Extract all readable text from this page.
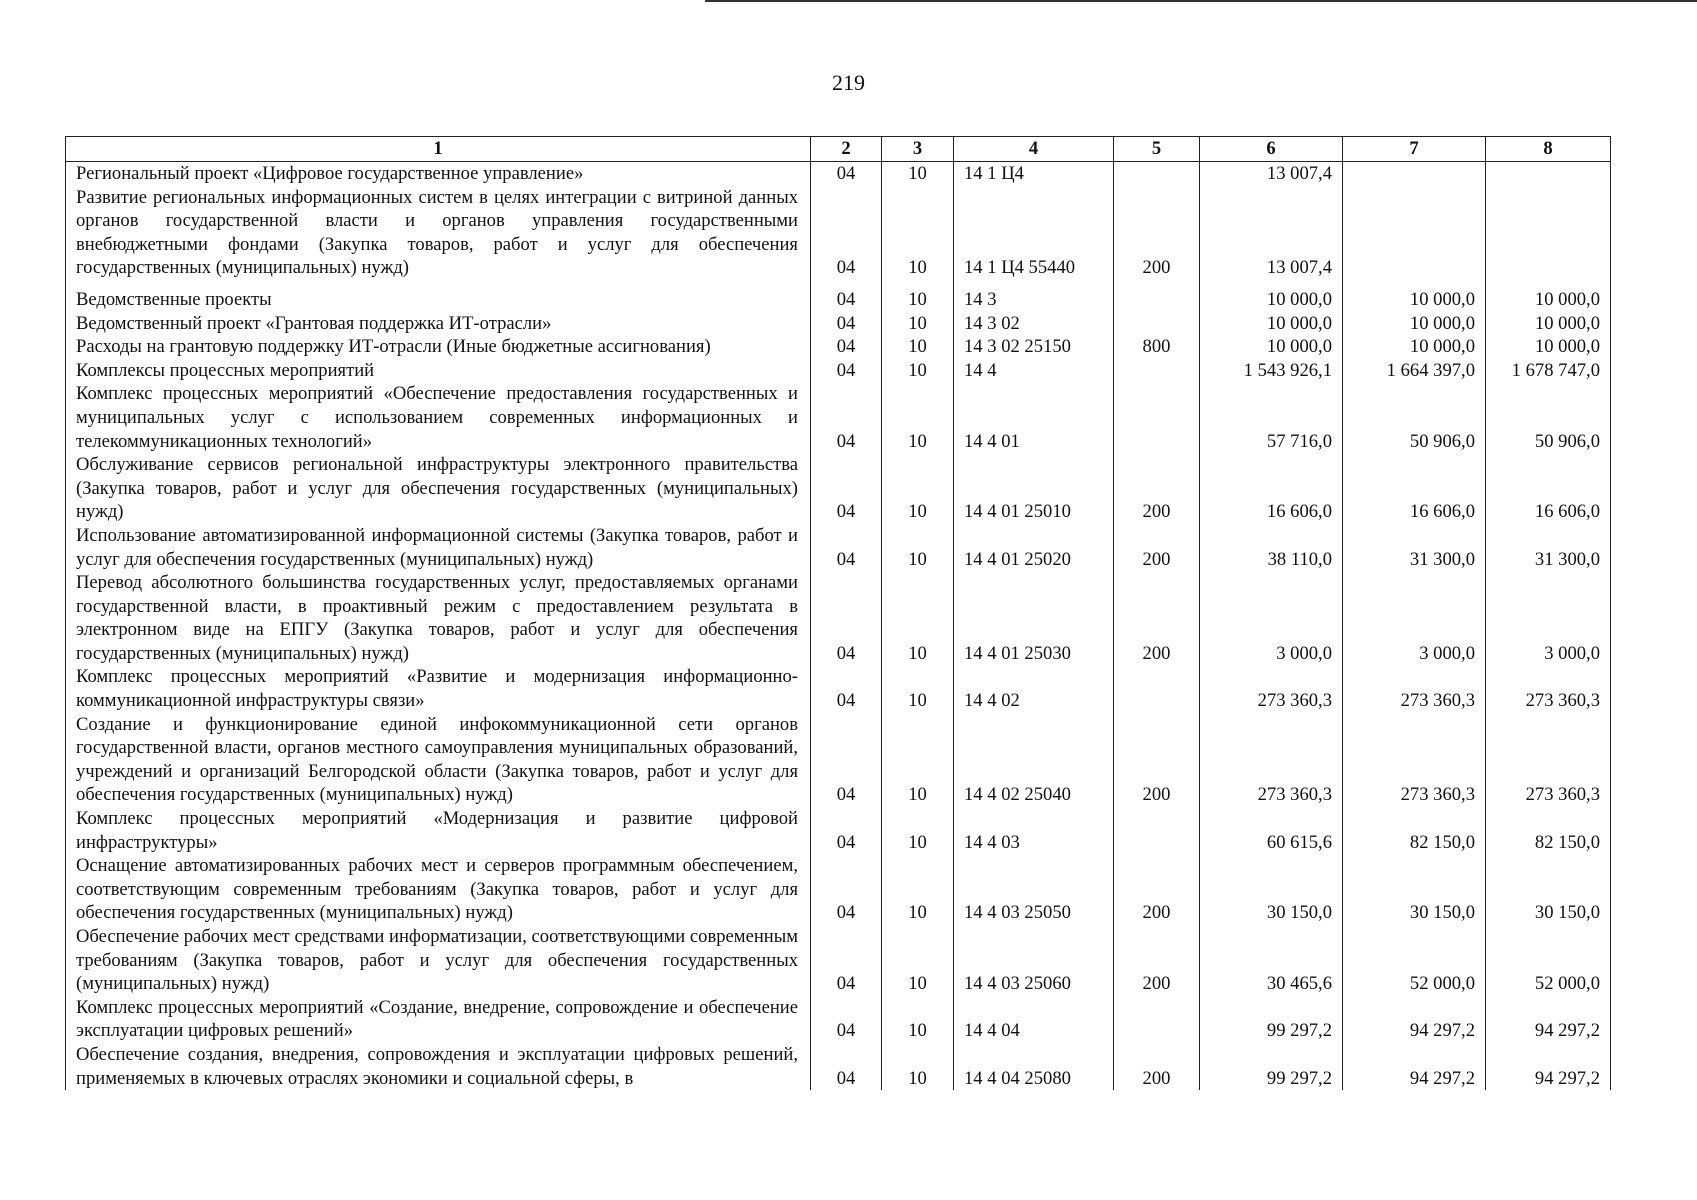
219
1	2	3	4	5	6	7	8
Региональный проект «Цифровое государственное управление»	04	10	14 1 Ц4		13 007,4		
Развитие региональных информационных систем в целях интеграции с витриной данных органов государственной власти и органов управления государственными внебюджетными фондами (Закупка товаров, работ и услуг для обеспечения государственных (муниципальных) нужд)	04	10	14 1 Ц4 55440	200	13 007,4		

Ведомственные проекты	04	10	14 3		10 000,0	10 000,0	10 000,0
Ведомственный проект «Грантовая поддержка ИТ-отрасли»	04	10	14 3 02		10 000,0	10 000,0	10 000,0
Расходы на грантовую поддержку ИТ-отрасли (Иные бюджетные ассигнования)	04	10	14 3 02 25150	800	10 000,0	10 000,0	10 000,0
Комплексы процессных мероприятий	04	10	14 4		1 543 926,1	1 664 397,0	1 678 747,0
Комплекс процессных мероприятий «Обеспечение предоставления государственных и муниципальных услуг с использованием современных информационных и телекоммуникационных технологий»	04	10	14 4 01		57 716,0	50 906,0	50 906,0
Обслуживание сервисов региональной инфраструктуры электронного правительства (Закупка товаров, работ и услуг для обеспечения государственных (муниципальных) нужд)	04	10	14 4 01 25010	200	16 606,0	16 606,0	16 606,0
Использование автоматизированной информационной системы (Закупка товаров, работ и услуг для обеспечения государственных (муниципальных) нужд)	04	10	14 4 01 25020	200	38 110,0	31 300,0	31 300,0
Перевод абсолютного большинства государственных услуг, предоставляемых органами государственной власти, в проактивный режим с предоставлением результата в электронном виде на ЕПГУ (Закупка товаров, работ и услуг для обеспечения государственных (муниципальных) нужд)	04	10	14 4 01 25030	200	3 000,0	3 000,0	3 000,0
Комплекс процессных мероприятий «Развитие и модернизация информационно-коммуникационной инфраструктуры связи»	04	10	14 4 02		273 360,3	273 360,3	273 360,3
Создание и функционирование единой инфокоммуникационной сети органов государственной власти, органов местного самоуправления муниципальных образований, учреждений и организаций Белгородской области (Закупка товаров, работ и услуг для обеспечения государственных (муниципальных) нужд)	04	10	14 4 02 25040	200	273 360,3	273 360,3	273 360,3
Комплекс процессных мероприятий «Модернизация и развитие цифровой инфраструктуры»	04	10	14 4 03		60 615,6	82 150,0	82 150,0
Оснащение автоматизированных рабочих мест и серверов программным обеспечением, соответствующим современным требованиям (Закупка товаров, работ и услуг для обеспечения государственных (муниципальных) нужд)	04	10	14 4 03 25050	200	30 150,0	30 150,0	30 150,0
Обеспечение рабочих мест средствами информатизации, соответствующими современным требованиям (Закупка товаров, работ и услуг для обеспечения государственных (муниципальных) нужд)	04	10	14 4 03 25060	200	30 465,6	52 000,0	52 000,0
Комплекс процессных мероприятий «Создание, внедрение, сопровождение и обеспечение эксплуатации цифровых решений»	04	10	14 4 04		99 297,2	94 297,2	94 297,2
Обеспечение создания, внедрения, сопровождения и эксплуатации цифровых решений, применяемых в ключевых отраслях экономики и социальной сферы, в	04	10	14 4 04 25080	200	99 297,2	94 297,2	94 297,2
